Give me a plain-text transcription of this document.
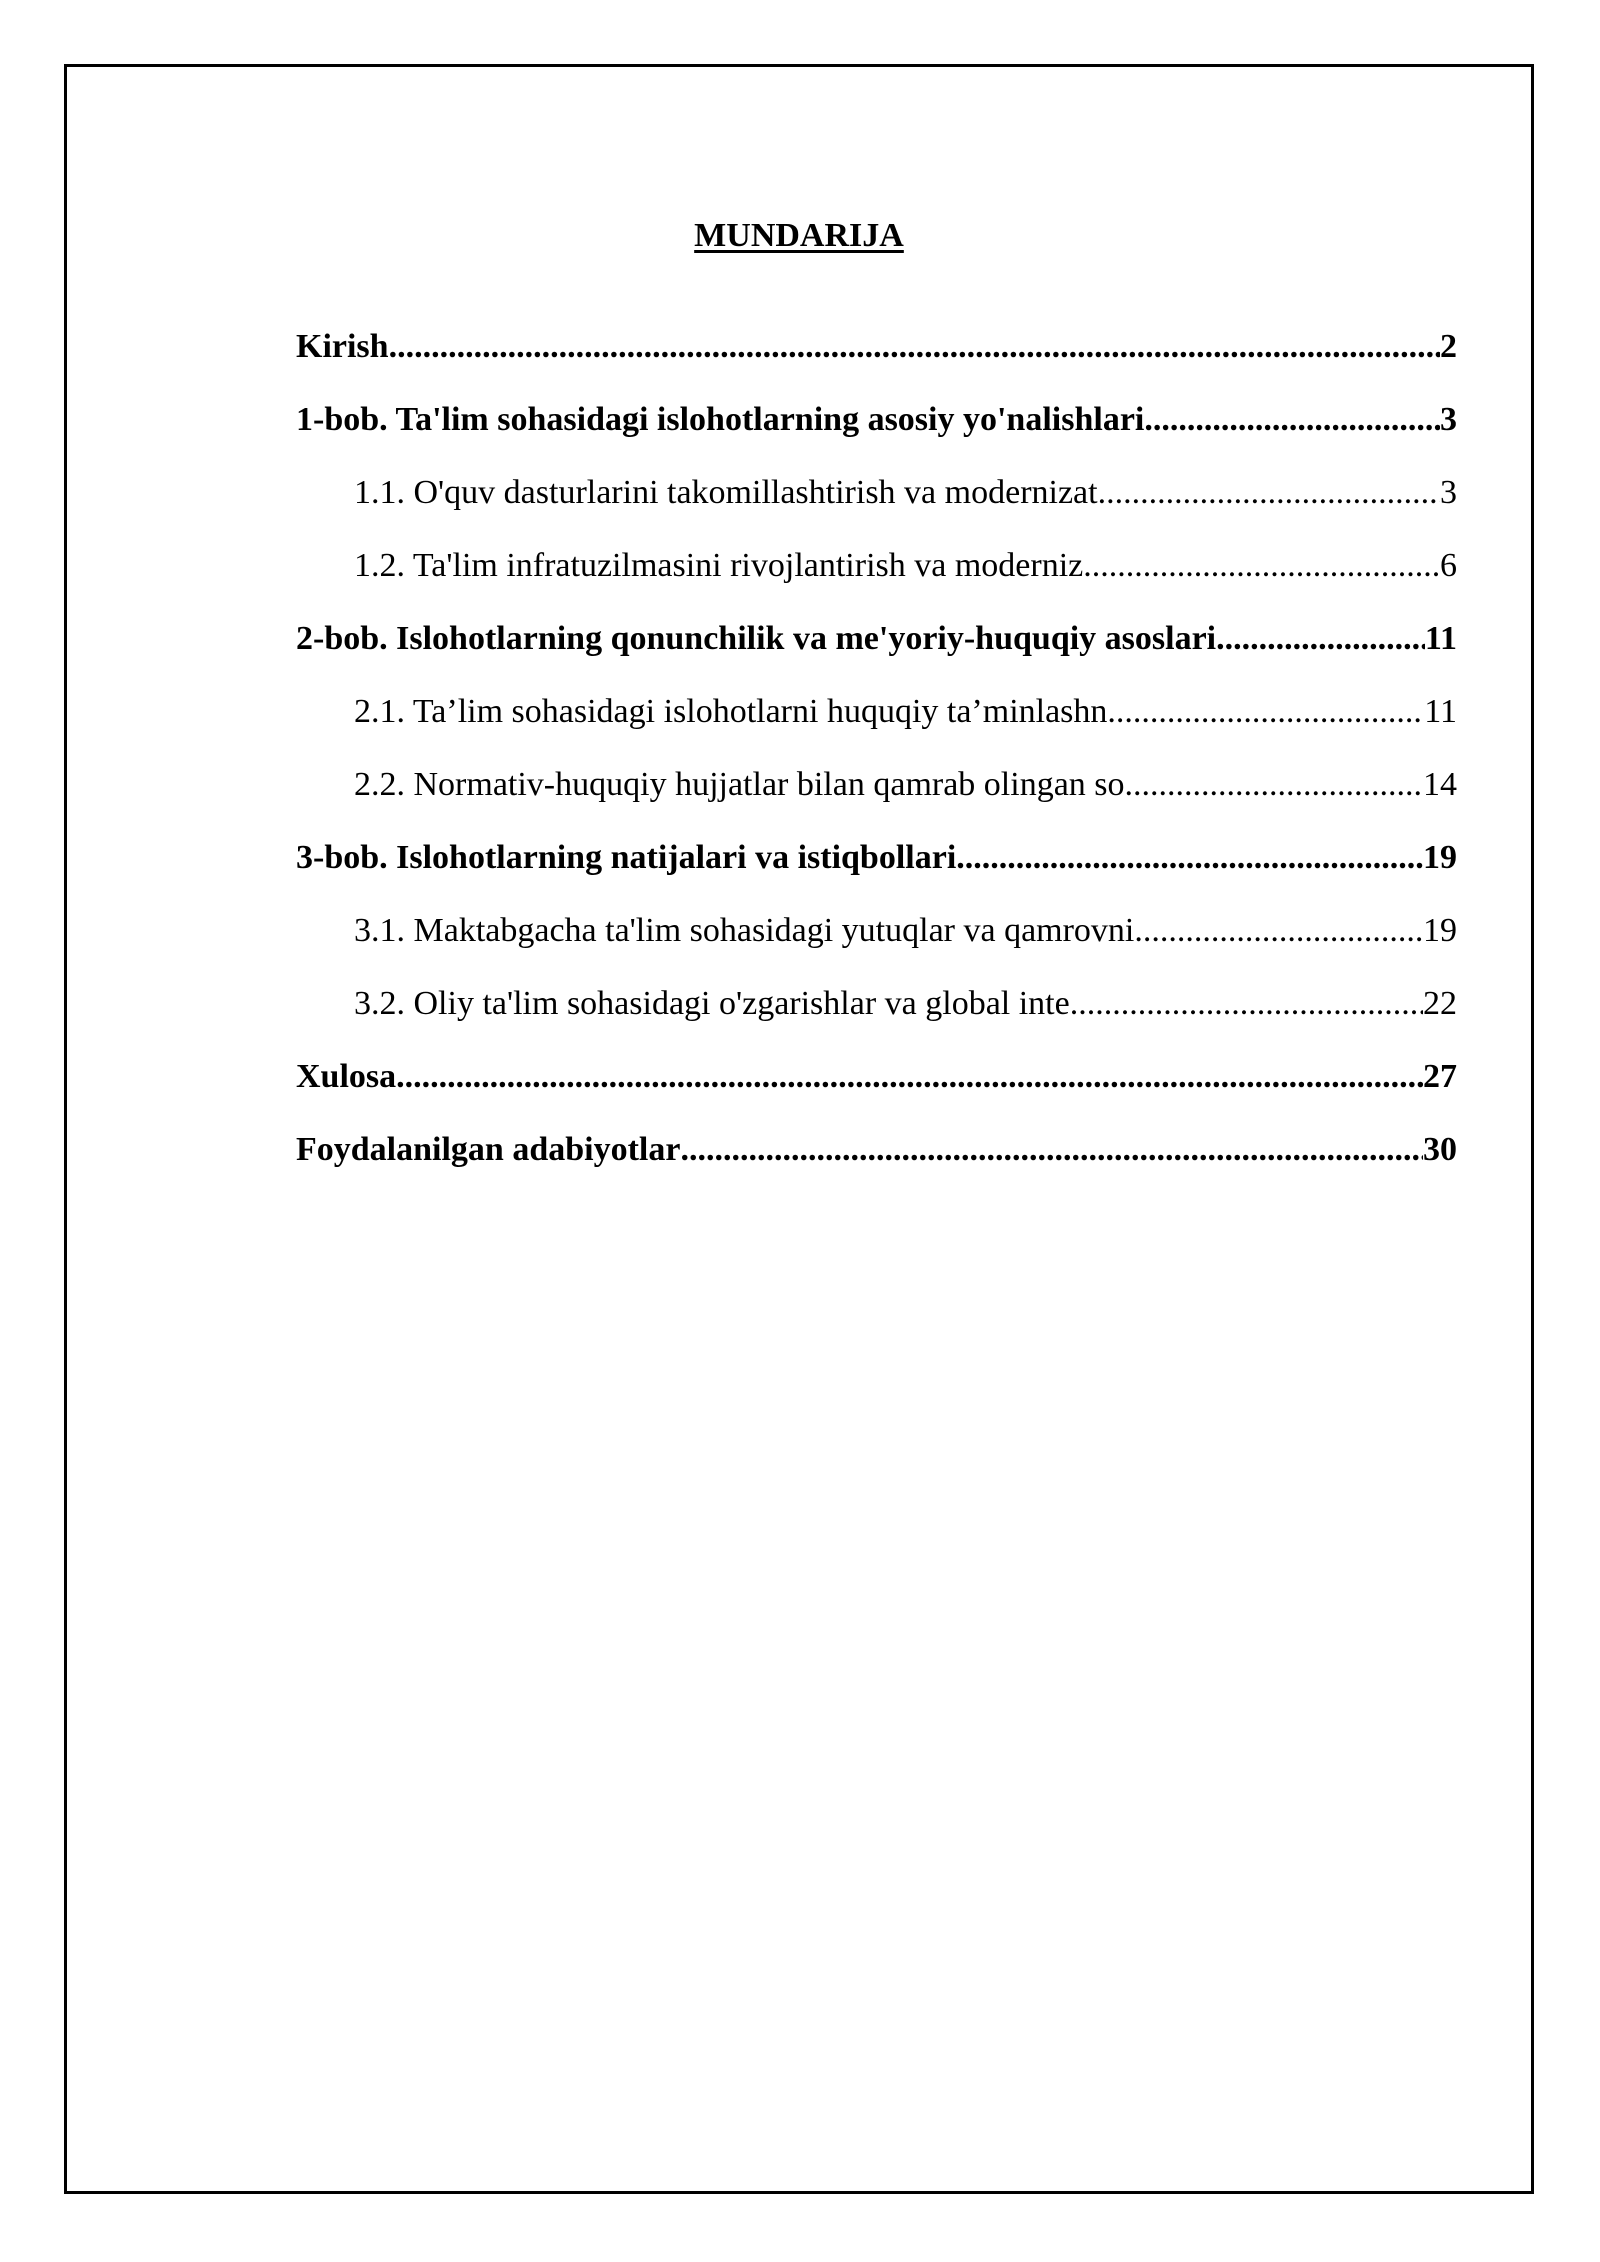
MUNDARIJA
Kirish .....	2
1-bob. Ta'lim sohasidagi islohotlarning asosiy yo'nalishlari .....	3
1.1. O'quv dasturlarini takomillashtirish va modernizat .....	3
1.2. Ta'lim infratuzilmasini rivojlantirish va moderniz .....	6
2-bob. Islohotlarning qonunchilik va me'yoriy-huquqiy asoslari .....	11
2.1. Ta’lim sohasidagi islohotlarni huquqiy ta’minlashn .....	11
2.2. Normativ-huquqiy hujjatlar bilan qamrab olingan so .....	14
3-bob. Islohotlarning natijalari va istiqbollari .....	19
3.1. Maktabgacha ta'lim sohasidagi yutuqlar va qamrovni .....	19
3.2. Oliy ta'lim sohasidagi o'zgarishlar va global inte .....	22
Xulosa .....	27
Foydalanilgan adabiyotlar .....	30
